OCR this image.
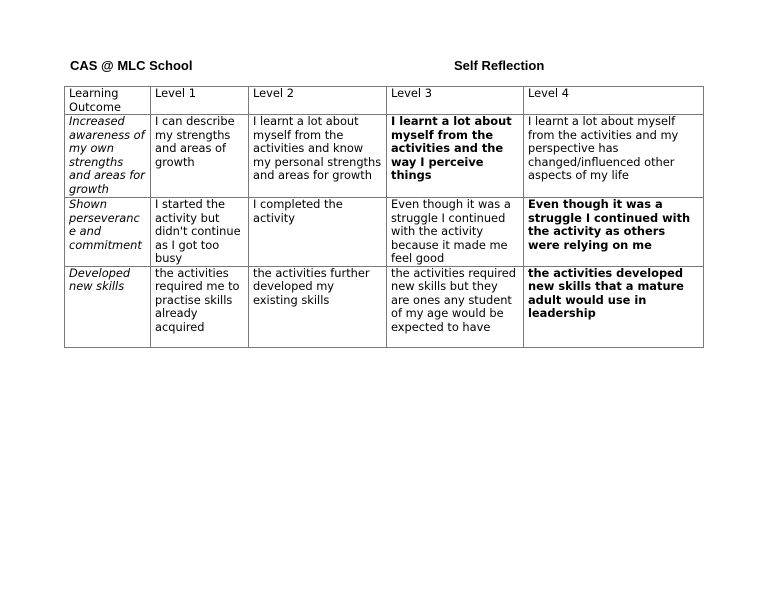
CAS @ MLC School	Self Reflection
Learning Outcome	Level 1	Level 2	Level 3	Level 4
Increased awareness of my own strengths and areas for growth	I can describe my strengths and areas of growth	I learnt a lot about myself from the activities and know my personal strengths and areas for growth	I learnt a lot about myself from the activities and the way I perceive things	I learnt a lot about myself from the activities and my perspective has changed/influenced other aspects of my life
Shown perseverance and commitment	I started the activity but didn't continue as I got too busy	I completed the activity	Even though it was a struggle I continued with the activity because it made me feel good	Even though it was a struggle I continued with the activity as others were relying on me
Developed new skills	the activities required me to practise skills already acquired	the activities further developed my existing skills	the activities required new skills but they are ones any student of my age would be expected to have	the activities developed new skills that a mature adult would use in leadership
